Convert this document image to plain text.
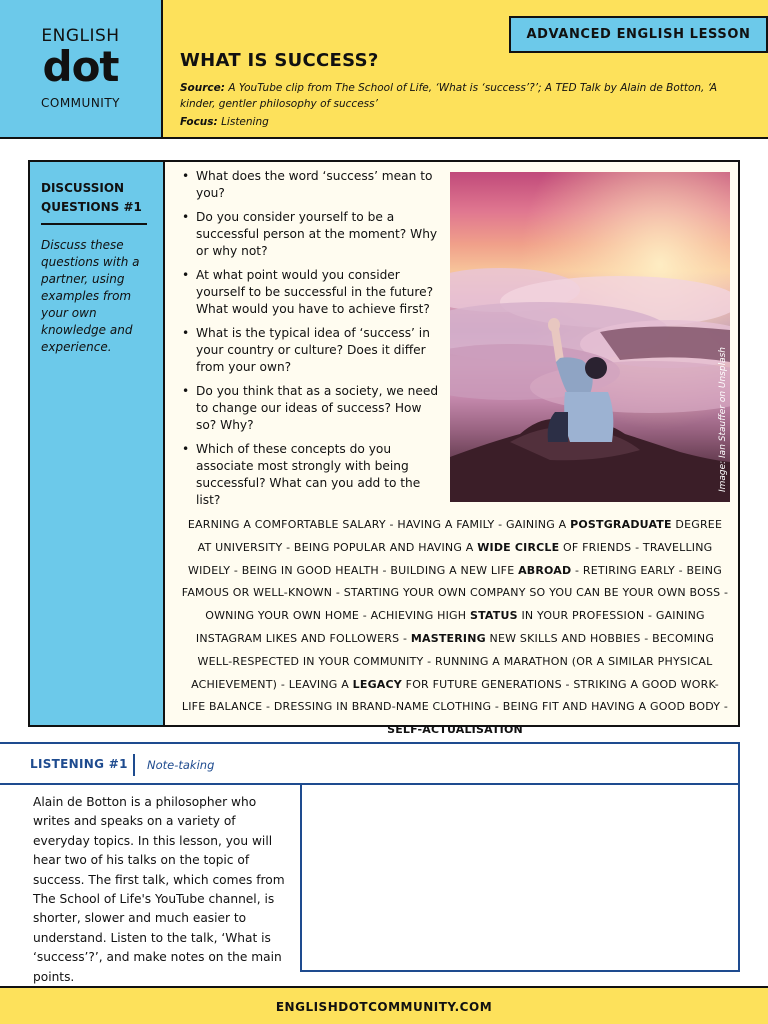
ENGLISH
dot
COMMUNITY
ADVANCED ENGLISH LESSON
WHAT IS SUCCESS?
Source: A YouTube clip from The School of Life, ‘What is ‘success’?’; A TED Talk by Alain de Botton, ‘A kinder, gentler philosophy of success’
Focus: Listening
DISCUSSION QUESTIONS #1
Discuss these questions with a partner, using examples from your own knowledge and experience.
• What does the word ‘success’ mean to you?
• Do you consider yourself to be a successful person at the moment? Why or why not?
• At what point would you consider yourself to be successful in the future? What would you have to achieve first?
• What is the typical idea of ‘success’ in your country or culture? Does it differ from your own?
• Do you think that as a society, we need to change our ideas of success? How so? Why?
• Which of these concepts do you associate most strongly with being successful? What can you add to the list?
Image: Ian Stauffer on Unsplash
EARNING A COMFORTABLE SALARY - HAVING A FAMILY - GAINING A POSTGRADUATE DEGREE AT UNIVERSITY - BEING POPULAR AND HAVING A WIDE CIRCLE OF FRIENDS - TRAVELLING WIDELY - BEING IN GOOD HEALTH - BUILDING A NEW LIFE ABROAD - RETIRING EARLY - BEING FAMOUS OR WELL-KNOWN - STARTING YOUR OWN COMPANY SO YOU CAN BE YOUR OWN BOSS - OWNING YOUR OWN HOME - ACHIEVING HIGH STATUS IN YOUR PROFESSION - GAINING INSTAGRAM LIKES AND FOLLOWERS - MASTERING NEW SKILLS AND HOBBIES - BECOMING WELL-RESPECTED IN YOUR COMMUNITY - RUNNING A MARATHON (OR A SIMILAR PHYSICAL ACHIEVEMENT) - LEAVING A LEGACY FOR FUTURE GENERATIONS - STRIKING A GOOD WORK-LIFE BALANCE - DRESSING IN BRAND-NAME CLOTHING - BEING FIT AND HAVING A GOOD BODY - SELF-ACTUALISATION
LISTENING #1 Note-taking
Alain de Botton is a philosopher who writes and speaks on a variety of everyday topics. In this lesson, you will hear two of his talks on the topic of success. The first talk, which comes from The School of Life's YouTube channel, is shorter, slower and much easier to understand. Listen to the talk, ‘What is ‘success’?’, and make notes on the main points.
ENGLISHDOTCOMMUNITY.COM
